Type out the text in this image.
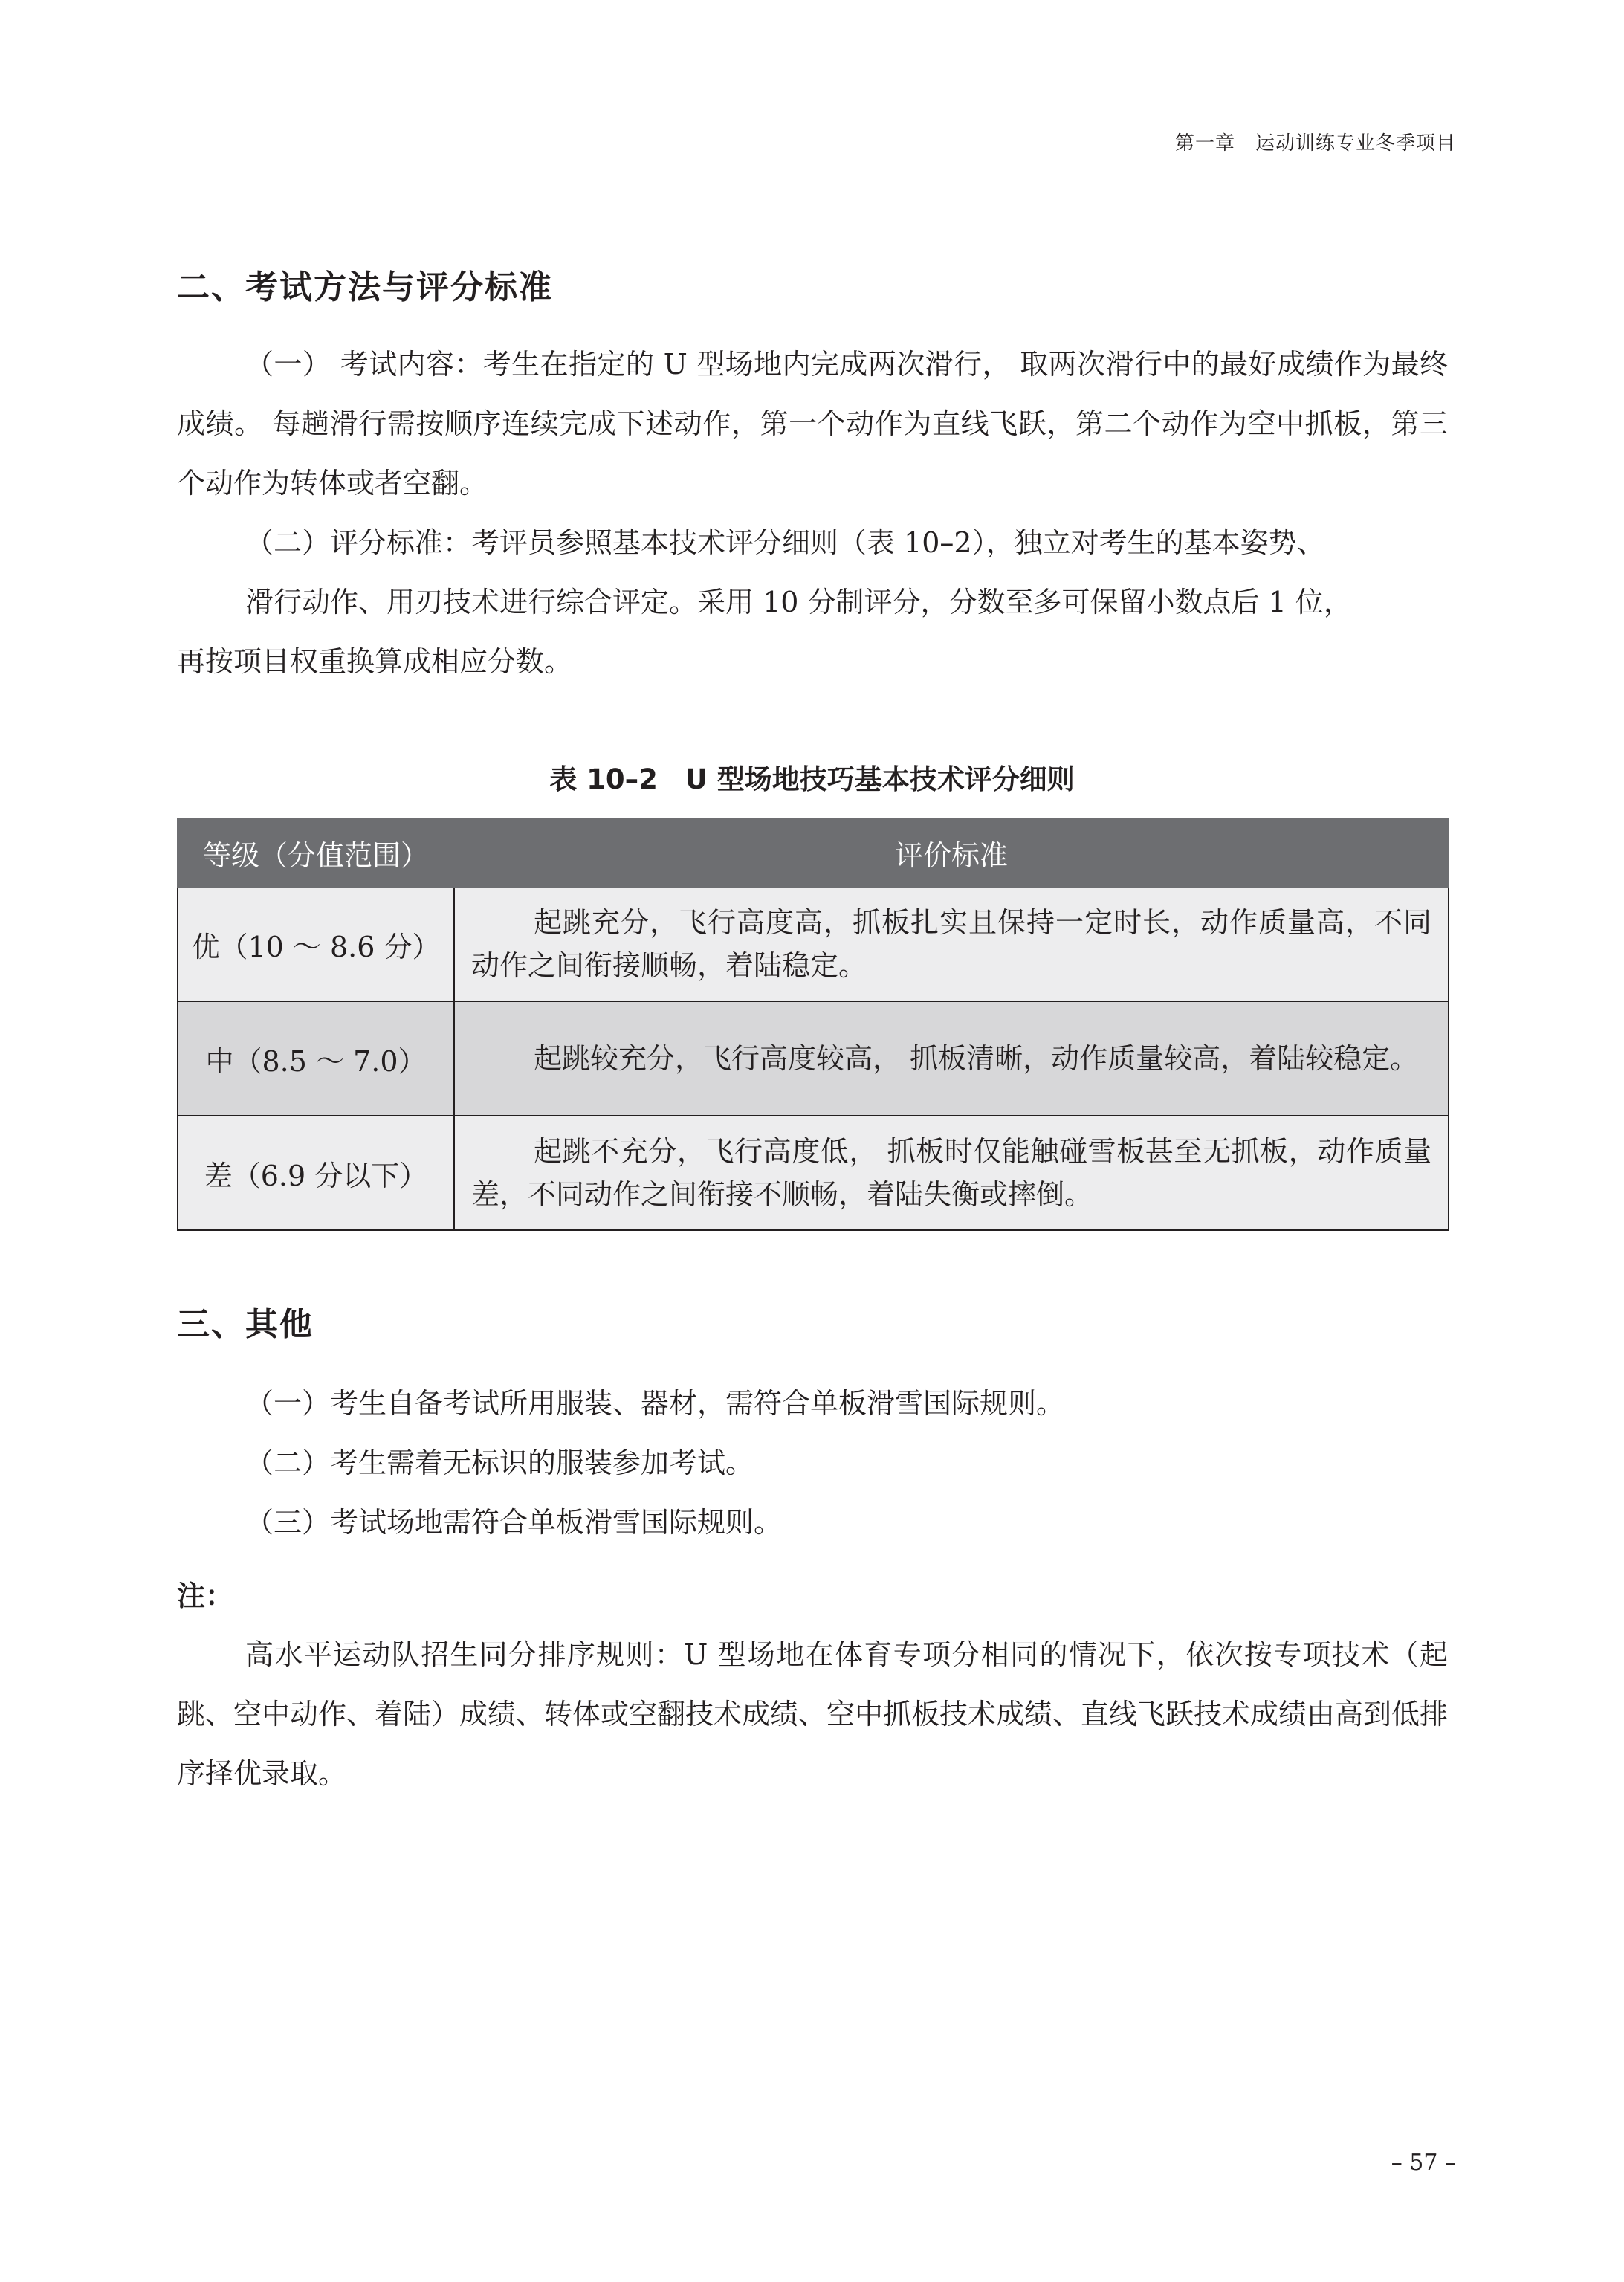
第一章　运动训练专业冬季项目
二、考试方法与评分标准
（一） 考试内容：考生在指定的 U 型场地内完成两次滑行， 取两次滑行中的最好成绩作为最终成绩。 每趟滑行需按顺序连续完成下述动作，第一个动作为直线飞跃，第二个动作为空中抓板，第三个动作为转体或者空翻。
（二）评分标准：考评员参照基本技术评分细则（表 10–2），独立对考生的基本姿势、
滑行动作、用刃技术进行综合评定。采用 10 分制评分，分数至多可保留小数点后 1 位，
再按项目权重换算成相应分数。
表 10–2　U 型场地技巧基本技术评分细则
等级（分值范围）	评价标准
优（10 ～ 8.6 分）	起跳充分，飞行高度高，抓板扎实且保持一定时长，动作质量高，不同动作之间衔接顺畅，着陆稳定。
中（8.5 ～ 7.0）	起跳较充分，飞行高度较高， 抓板清晰，动作质量较高，着陆较稳定。
差（6.9 分以下）	起跳不充分，飞行高度低， 抓板时仅能触碰雪板甚至无抓板，动作质量差，不同动作之间衔接不顺畅，着陆失衡或摔倒。
三、其他
（一）考生自备考试所用服装、器材，需符合单板滑雪国际规则。
（二）考生需着无标识的服装参加考试。
（三）考试场地需符合单板滑雪国际规则。
注：
高水平运动队招生同分排序规则：U 型场地在体育专项分相同的情况下，依次按专项技术（起跳、空中动作、着陆）成绩、转体或空翻技术成绩、空中抓板技术成绩、直线飞跃技术成绩由高到低排序择优录取。
– 57 –
